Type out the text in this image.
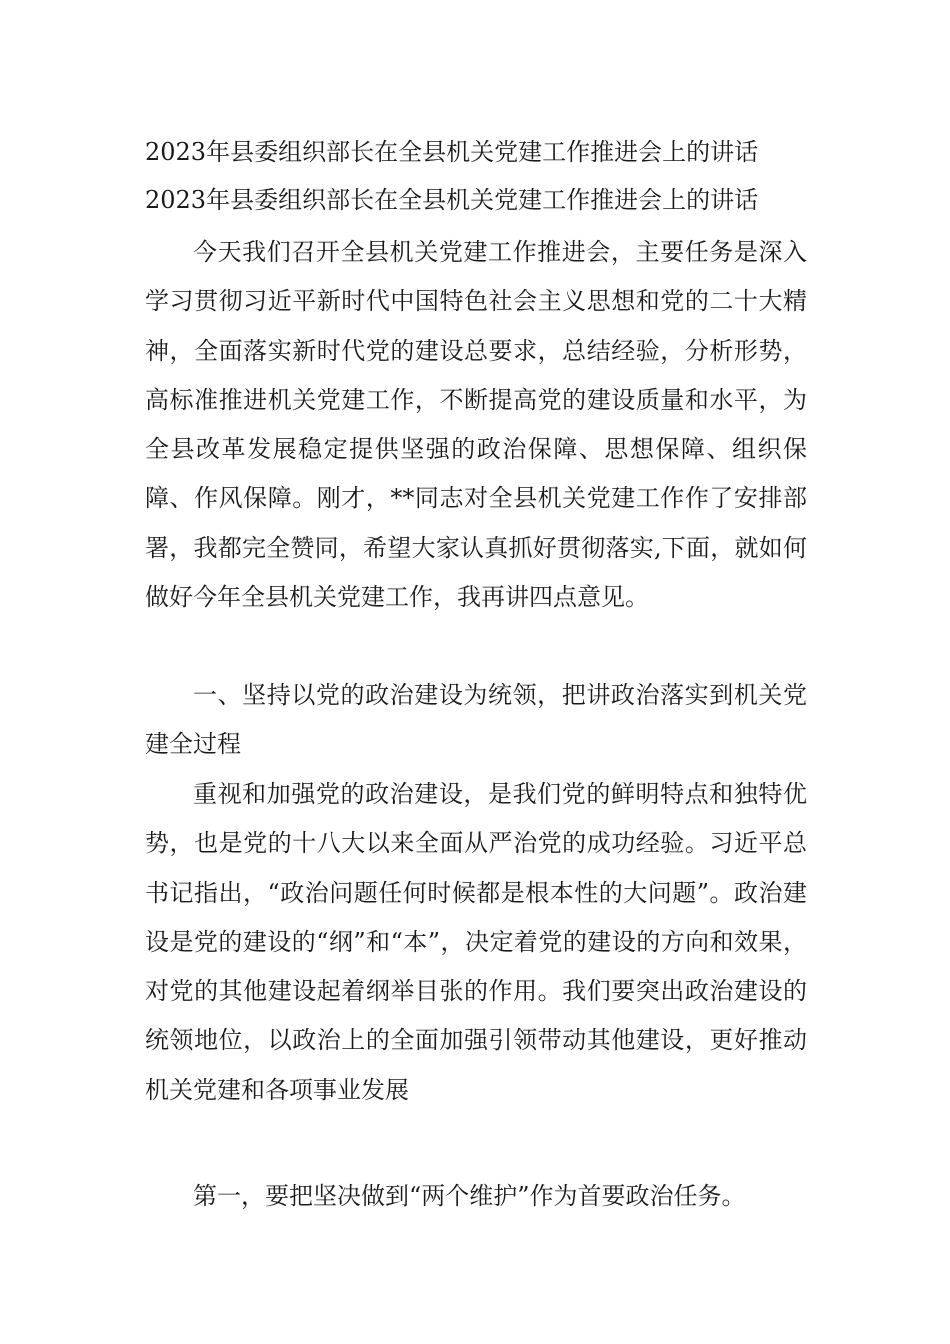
2023年县委组织部长在全县机关党建工作推进会上的讲话
2023年县委组织部长在全县机关党建工作推进会上的讲话

今天我们召开全县机关党建工作推进会，主要任务是深入学习贯彻习近平新时代中国特色社会主义思想和党的二十大精神，全面落实新时代党的建设总要求，总结经验，分析形势，高标准推进机关党建工作，不断提高党的建设质量和水平，为全县改革发展稳定提供坚强的政治保障、思想保障、组织保障、作风保障。刚才，**同志对全县机关党建工作作了安排部署，我都完全赞同，希望大家认真抓好贯彻落实,下面，就如何做好今年全县机关党建工作，我再讲四点意见。

一、坚持以党的政治建设为统领，把讲政治落实到机关党建全过程

重视和加强党的政治建设，是我们党的鲜明特点和独特优势，也是党的十八大以来全面从严治党的成功经验。习近平总书记指出，“政治问题任何时候都是根本性的大问题”。政治建设是党的建设的“纲”和“本”，决定着党的建设的方向和效果，对党的其他建设起着纲举目张的作用。我们要突出政治建设的统领地位，以政治上的全面加强引领带动其他建设，更好推动机关党建和各项事业发展

第一，要把坚决做到“两个维护”作为首要政治任务。
